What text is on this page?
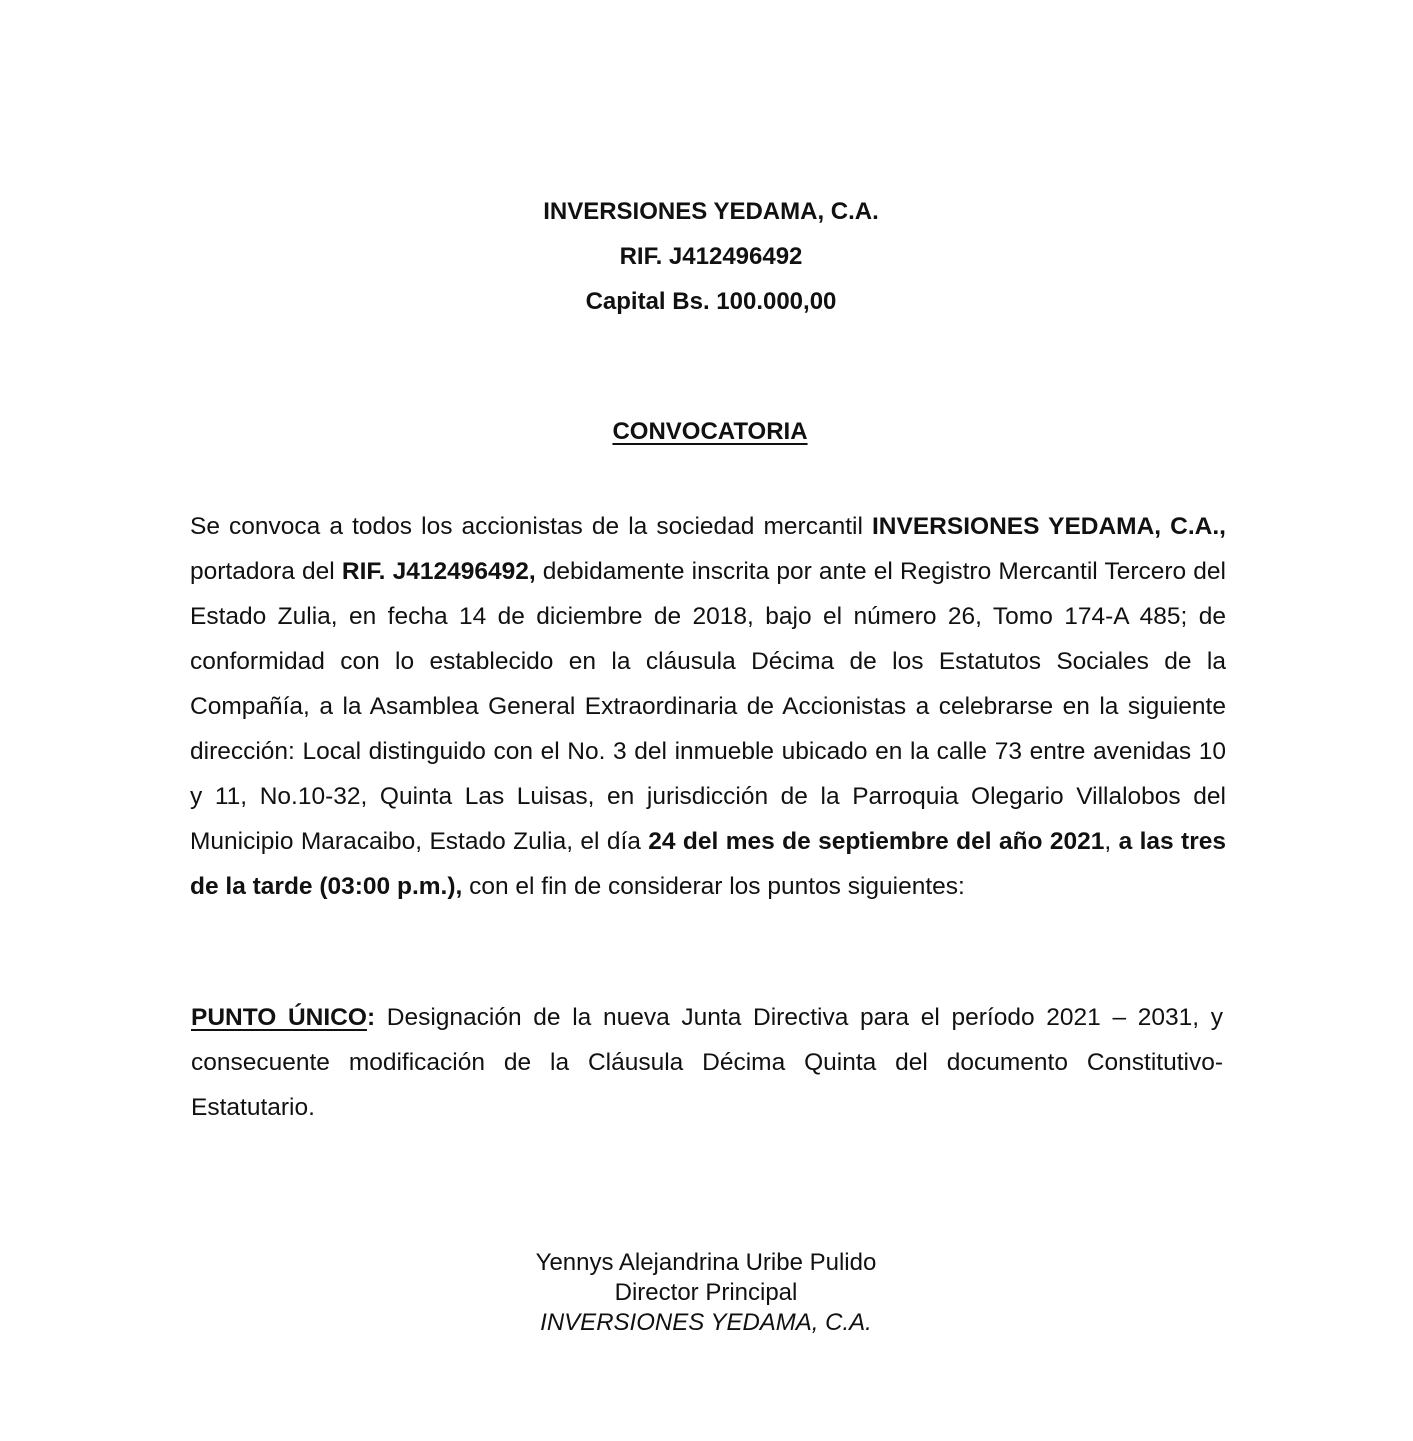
INVERSIONES YEDAMA, C.A.
RIF. J412496492
Capital Bs. 100.000,00
CONVOCATORIA

Se convoca a todos los accionistas de la sociedad mercantil INVERSIONES YEDAMA, C.A., portadora del RIF. J412496492, debidamente inscrita por ante el Registro Mercantil Tercero del Estado Zulia, en fecha 14 de diciembre de 2018, bajo el número 26, Tomo 174-A 485; de conformidad con lo establecido en la cláusula Décima de los Estatutos Sociales de la Compañía, a la Asamblea General Extraordinaria de Accionistas a celebrarse en la siguiente dirección: Local distinguido con el No. 3 del inmueble ubicado en la calle 73 entre avenidas 10 y 11, No.10-32, Quinta Las Luisas, en jurisdicción de la Parroquia Olegario Villalobos del Municipio Maracaibo, Estado Zulia, el día 24 del mes de septiembre del año 2021, a las tres de la tarde (03:00 p.m.), con el fin de considerar los puntos siguientes:

PUNTO ÚNICO: Designación de la nueva Junta Directiva para el período 2021 – 2031, y consecuente modificación de la Cláusula Décima Quinta del documento Constitutivo-Estatutario.

Yennys Alejandrina Uribe Pulido
Director Principal
INVERSIONES YEDAMA, C.A.
